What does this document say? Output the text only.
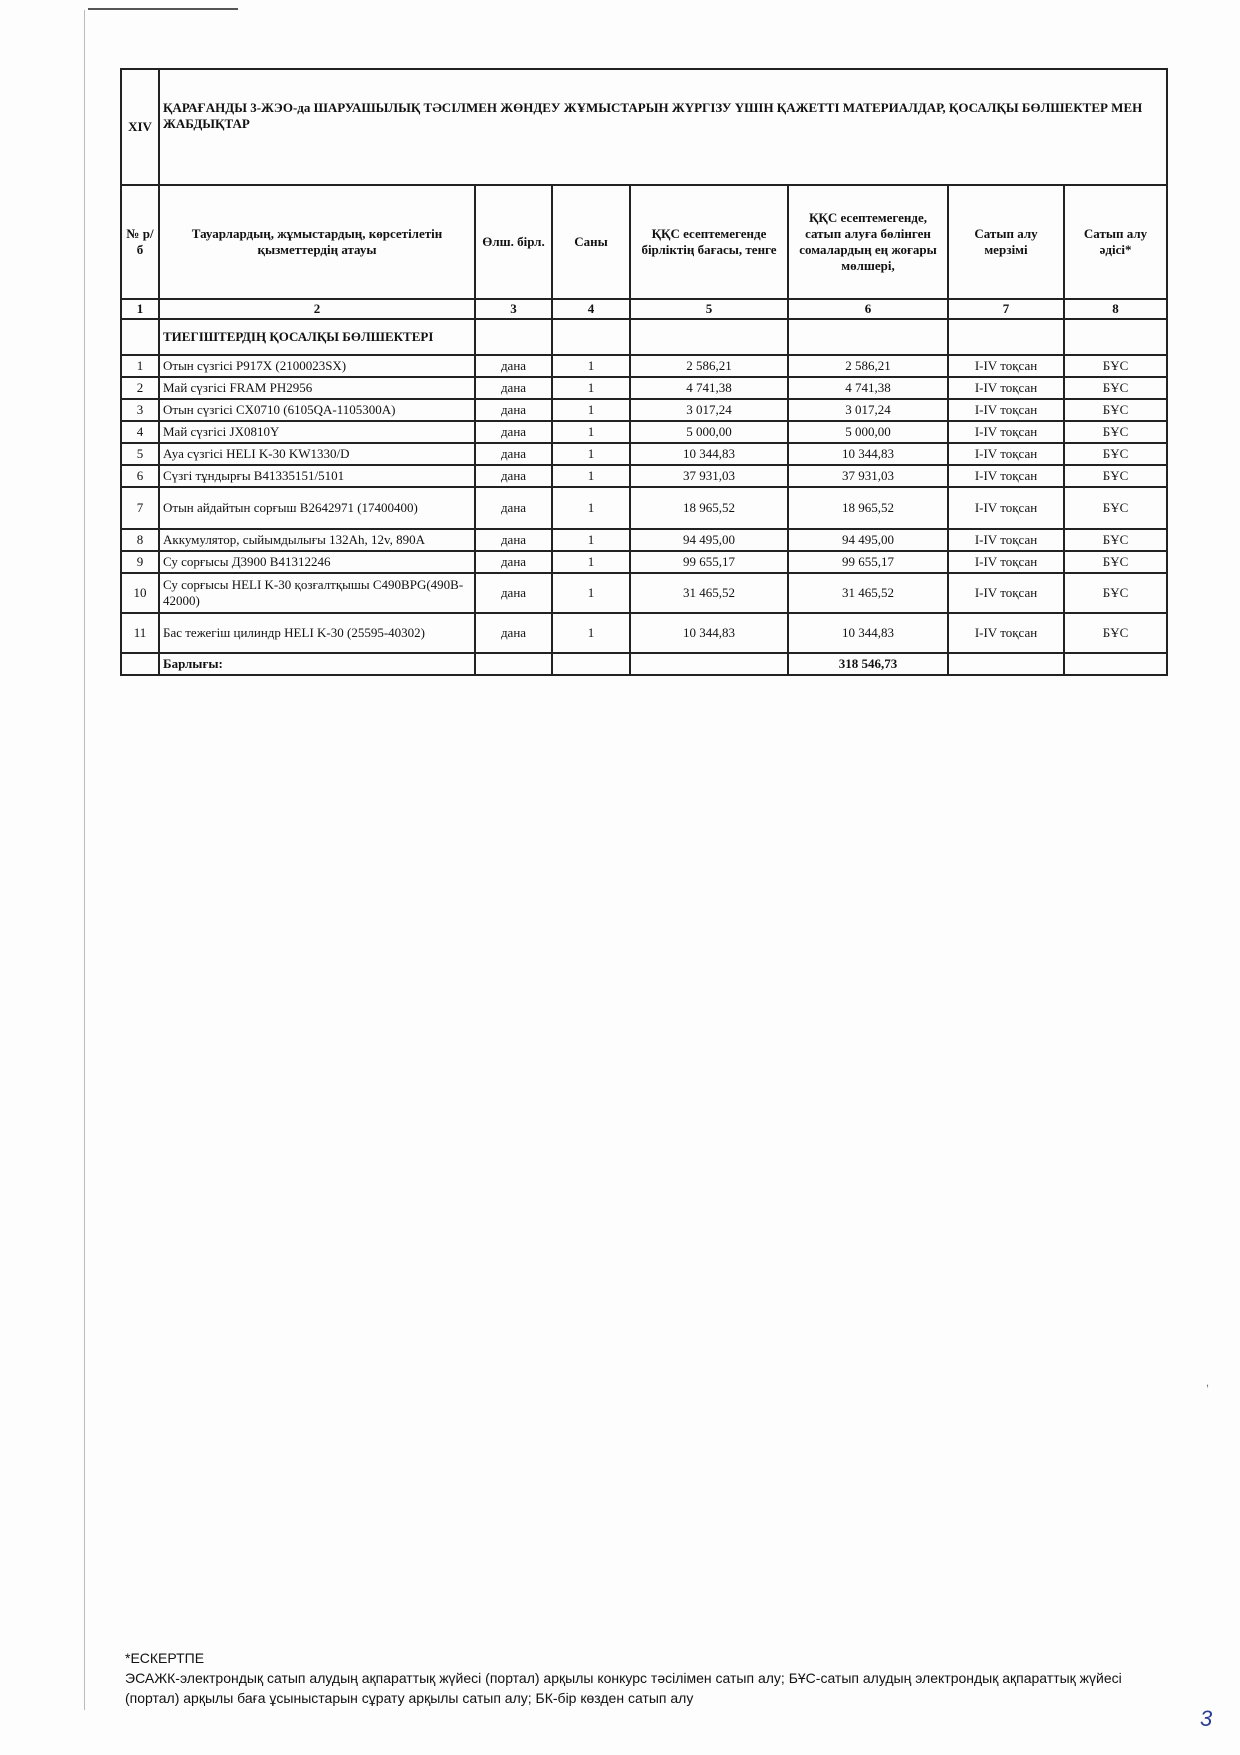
XIV	ҚАРАҒАНДЫ 3-ЖЭО-да ШАРУАШЫЛЫҚ ТӘСІЛМЕН ЖӨНДЕУ ЖҰМЫСТАРЫН ЖҮРГІЗУ ҮШІН ҚАЖЕТТІ МАТЕРИАЛДАР, ҚОСАЛҚЫ БӨЛШЕКТЕР МЕН ЖАБДЫҚТАР						
№ р/б	Тауарлардың, жұмыстардың, көрсетілетін қызметтердің атауы	Өлш. бірл.	Саны	ҚҚС есептемегенде бірліктің бағасы, тенге	ҚҚС есептемегенде, сатып алуға бөлінген сомалардың ең жоғары мөлшері,	Сатып алу мерзімі	Сатып алу әдісі*
1	2	3	4	5	6	7	8
	ТИЕГІШТЕРДІҢ ҚОСАЛҚЫ БӨЛШЕКТЕРІ						
1	Отын сүзгісі P917X (2100023SX)	дана	1	2 586,21	2 586,21	I-IV тоқсан	БҰС
2	Май сүзгісі FRAM PH2956	дана	1	4 741,38	4 741,38	I-IV тоқсан	БҰС
3	Отын сүзгісі CX0710 (6105QA-1105300A)	дана	1	3 017,24	3 017,24	I-IV тоқсан	БҰС
4	Май сүзгісі JX0810Y	дана	1	5 000,00	5 000,00	I-IV тоқсан	БҰС
5	Ауа сүзгісі HELI K-30 KW1330/D	дана	1	10 344,83	10 344,83	I-IV тоқсан	БҰС
6	Сүзгі тұндырғы B41335151/5101	дана	1	37 931,03	37 931,03	I-IV тоқсан	БҰС
7	Отын айдайтын сорғыш B2642971 (17400400)	дана	1	18 965,52	18 965,52	I-IV тоқсан	БҰС
8	Аккумулятор, сыйымдылығы 132Ah, 12v, 890A	дана	1	94 495,00	94 495,00	I-IV тоқсан	БҰС
9	Су сорғысы Д3900 B41312246	дана	1	99 655,17	99 655,17	I-IV тоқсан	БҰС
10	Су сорғысы HELI K-30 қозғалтқышы C490BPG(490B-42000)	дана	1	31 465,52	31 465,52	I-IV тоқсан	БҰС
11	Бас тежегіш цилиндр HELI K-30 (25595-40302)	дана	1	10 344,83	10 344,83	I-IV тоқсан	БҰС
	Барлығы:				318 546,73		
*ЕСКЕРТПЕ
ЭСАЖК-электрондық сатып алудың ақпараттық жүйесі (портал) арқылы конкурс тәсілімен сатып алу; БҰС-сатып алудың электрондық ақпараттық жүйесі (портал) арқылы баға ұсыныстарын сұрату арқылы сатып алу; БК-бір көзден сатып алу
3
,
